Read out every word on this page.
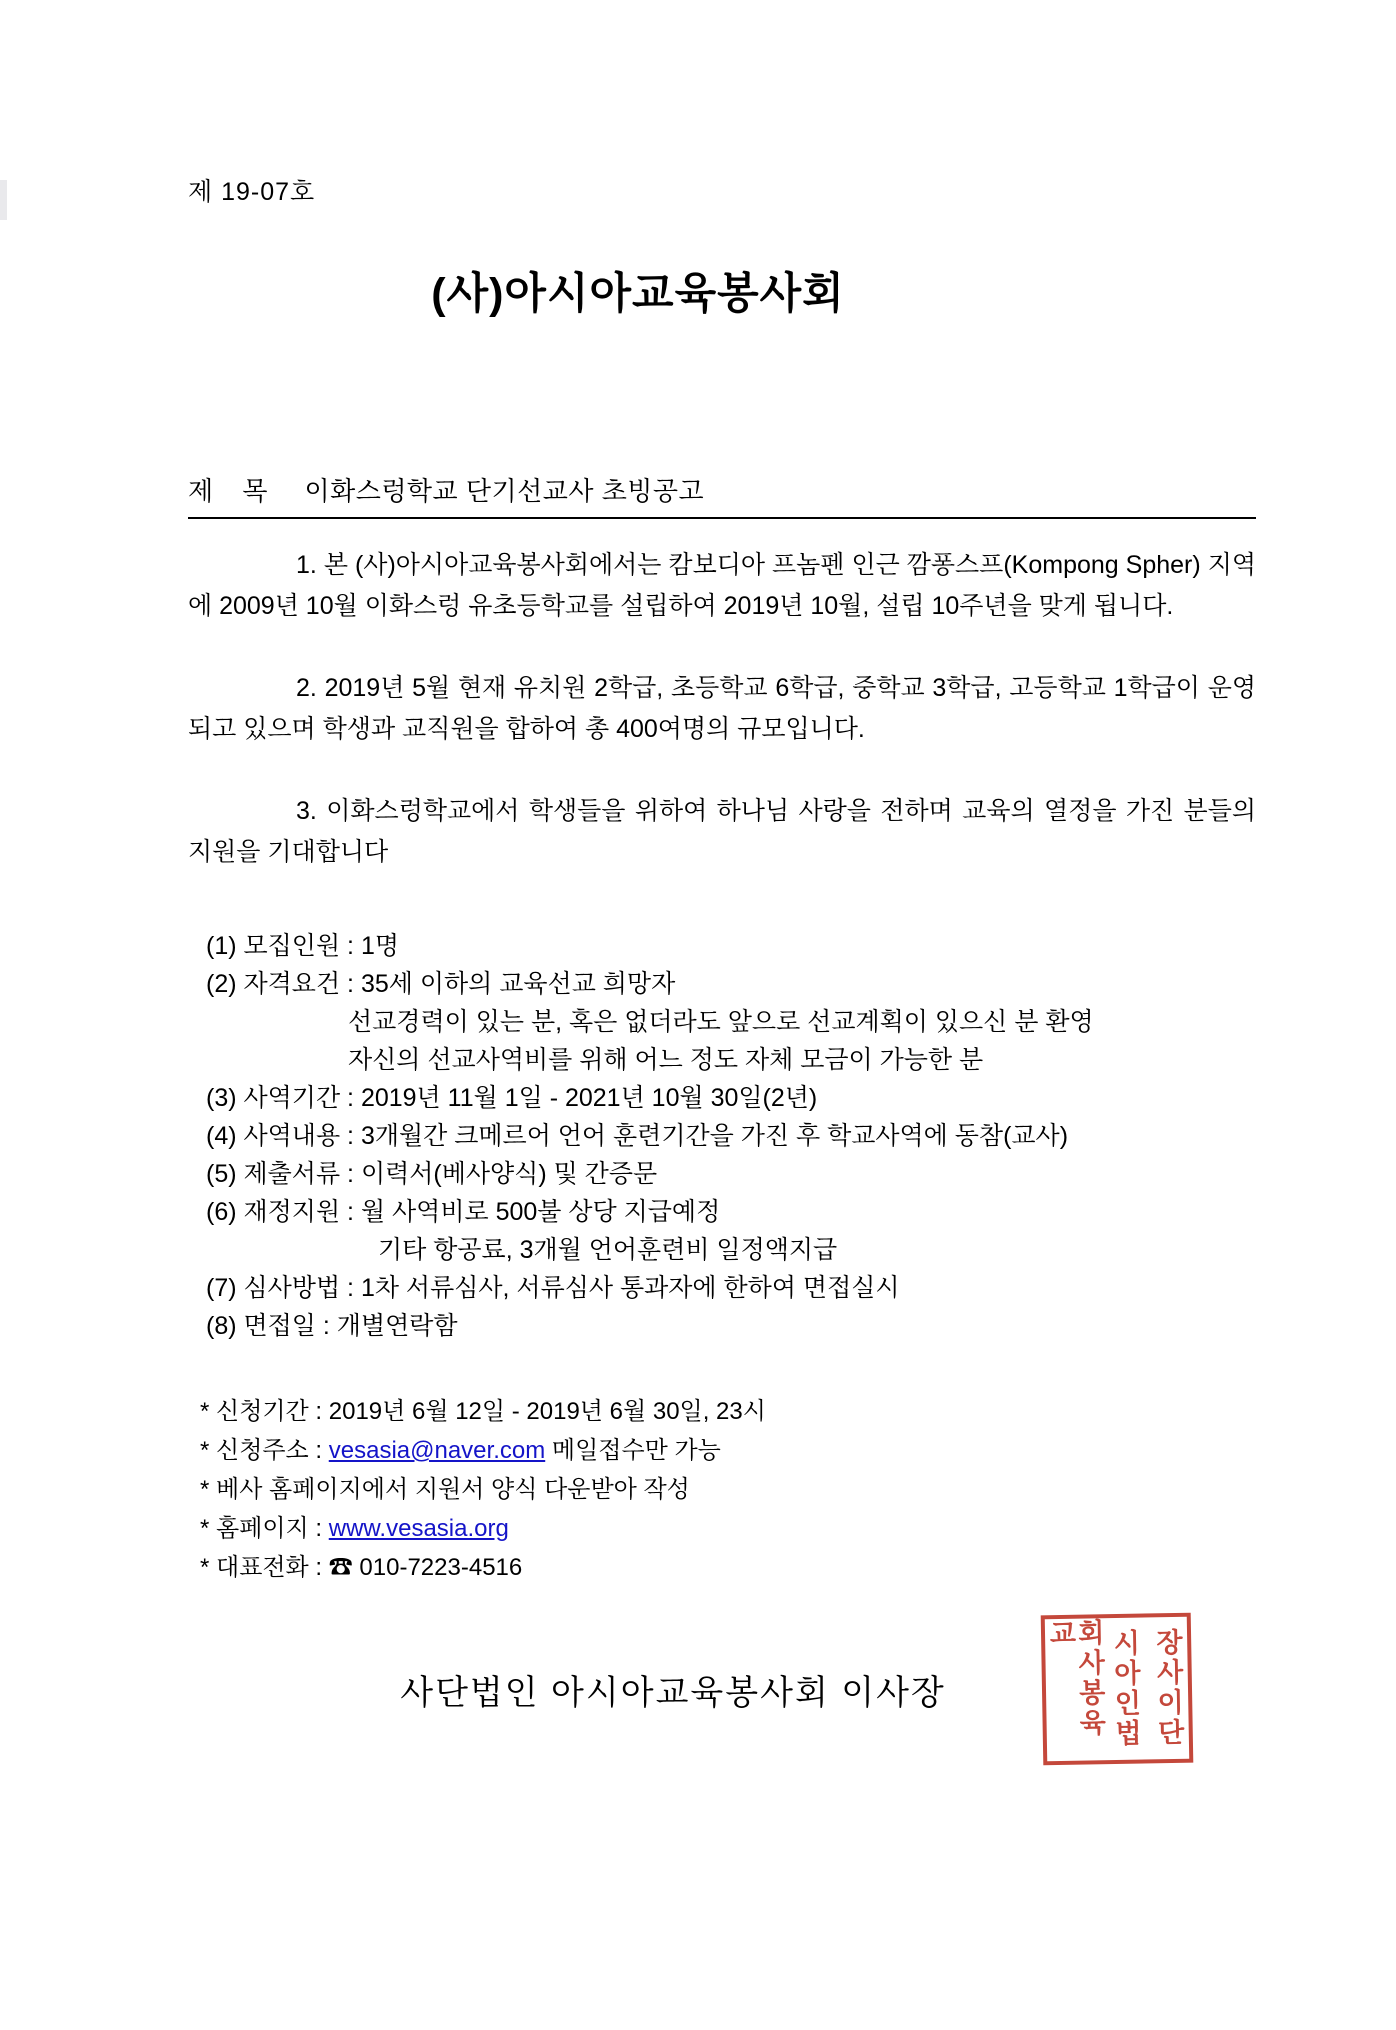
제 19-07호
(사)아시아교육봉사회
제 목 이화스렁학교 단기선교사 초빙공고
1. 본 (사)아시아교육봉사회에서는 캄보디아 프놈펜 인근 깜퐁스프(Kompong Spher) 지역에 2009년 10월 이화스렁 유초등학교를 설립하여 2019년 10월, 설립 10주년을 맞게 됩니다.
2. 2019년 5월 현재 유치원 2학급, 초등학교 6학급, 중학교 3학급, 고등학교 1학급이 운영되고 있으며 학생과 교직원을 합하여 총 400여명의 규모입니다.
3. 이화스렁학교에서 학생들을 위하여 하나님 사랑을 전하며 교육의 열정을 가진 분들의 지원을 기대합니다
(1) 모집인원 : 1명
(2) 자격요건 : 35세 이하의 교육선교 희망자
선교경력이 있는 분, 혹은 없더라도 앞으로 선교계획이 있으신 분 환영
자신의 선교사역비를 위해 어느 정도 자체 모금이 가능한 분
(3) 사역기간 : 2019년 11월 1일 - 2021년 10월 30일(2년)
(4) 사역내용 : 3개월간 크메르어 언어 훈련기간을 가진 후 학교사역에 동참(교사)
(5) 제출서류 : 이력서(베사양식) 및 간증문
(6) 재정지원 : 월 사역비로 500불 상당 지급예정
기타 항공료, 3개월 언어훈련비 일정액지급
(7) 심사방법 : 1차 서류심사, 서류심사 통과자에 한하여 면접실시
(8) 면접일 : 개별연락함
* 신청기간 : 2019년 6월 12일 - 2019년 6월 30일, 23시
* 신청주소 : vesasia@naver.com 메일접수만 가능
* 베사 홈페이지에서 지원서 양식 다운받아 작성
* 홈페이지 : www.vesasia.org
* 대표전화 : ☎ 010-7223-4516
사단법인 아시아교육봉사회 이사장	회사봉육교	시아인법 장사이단
